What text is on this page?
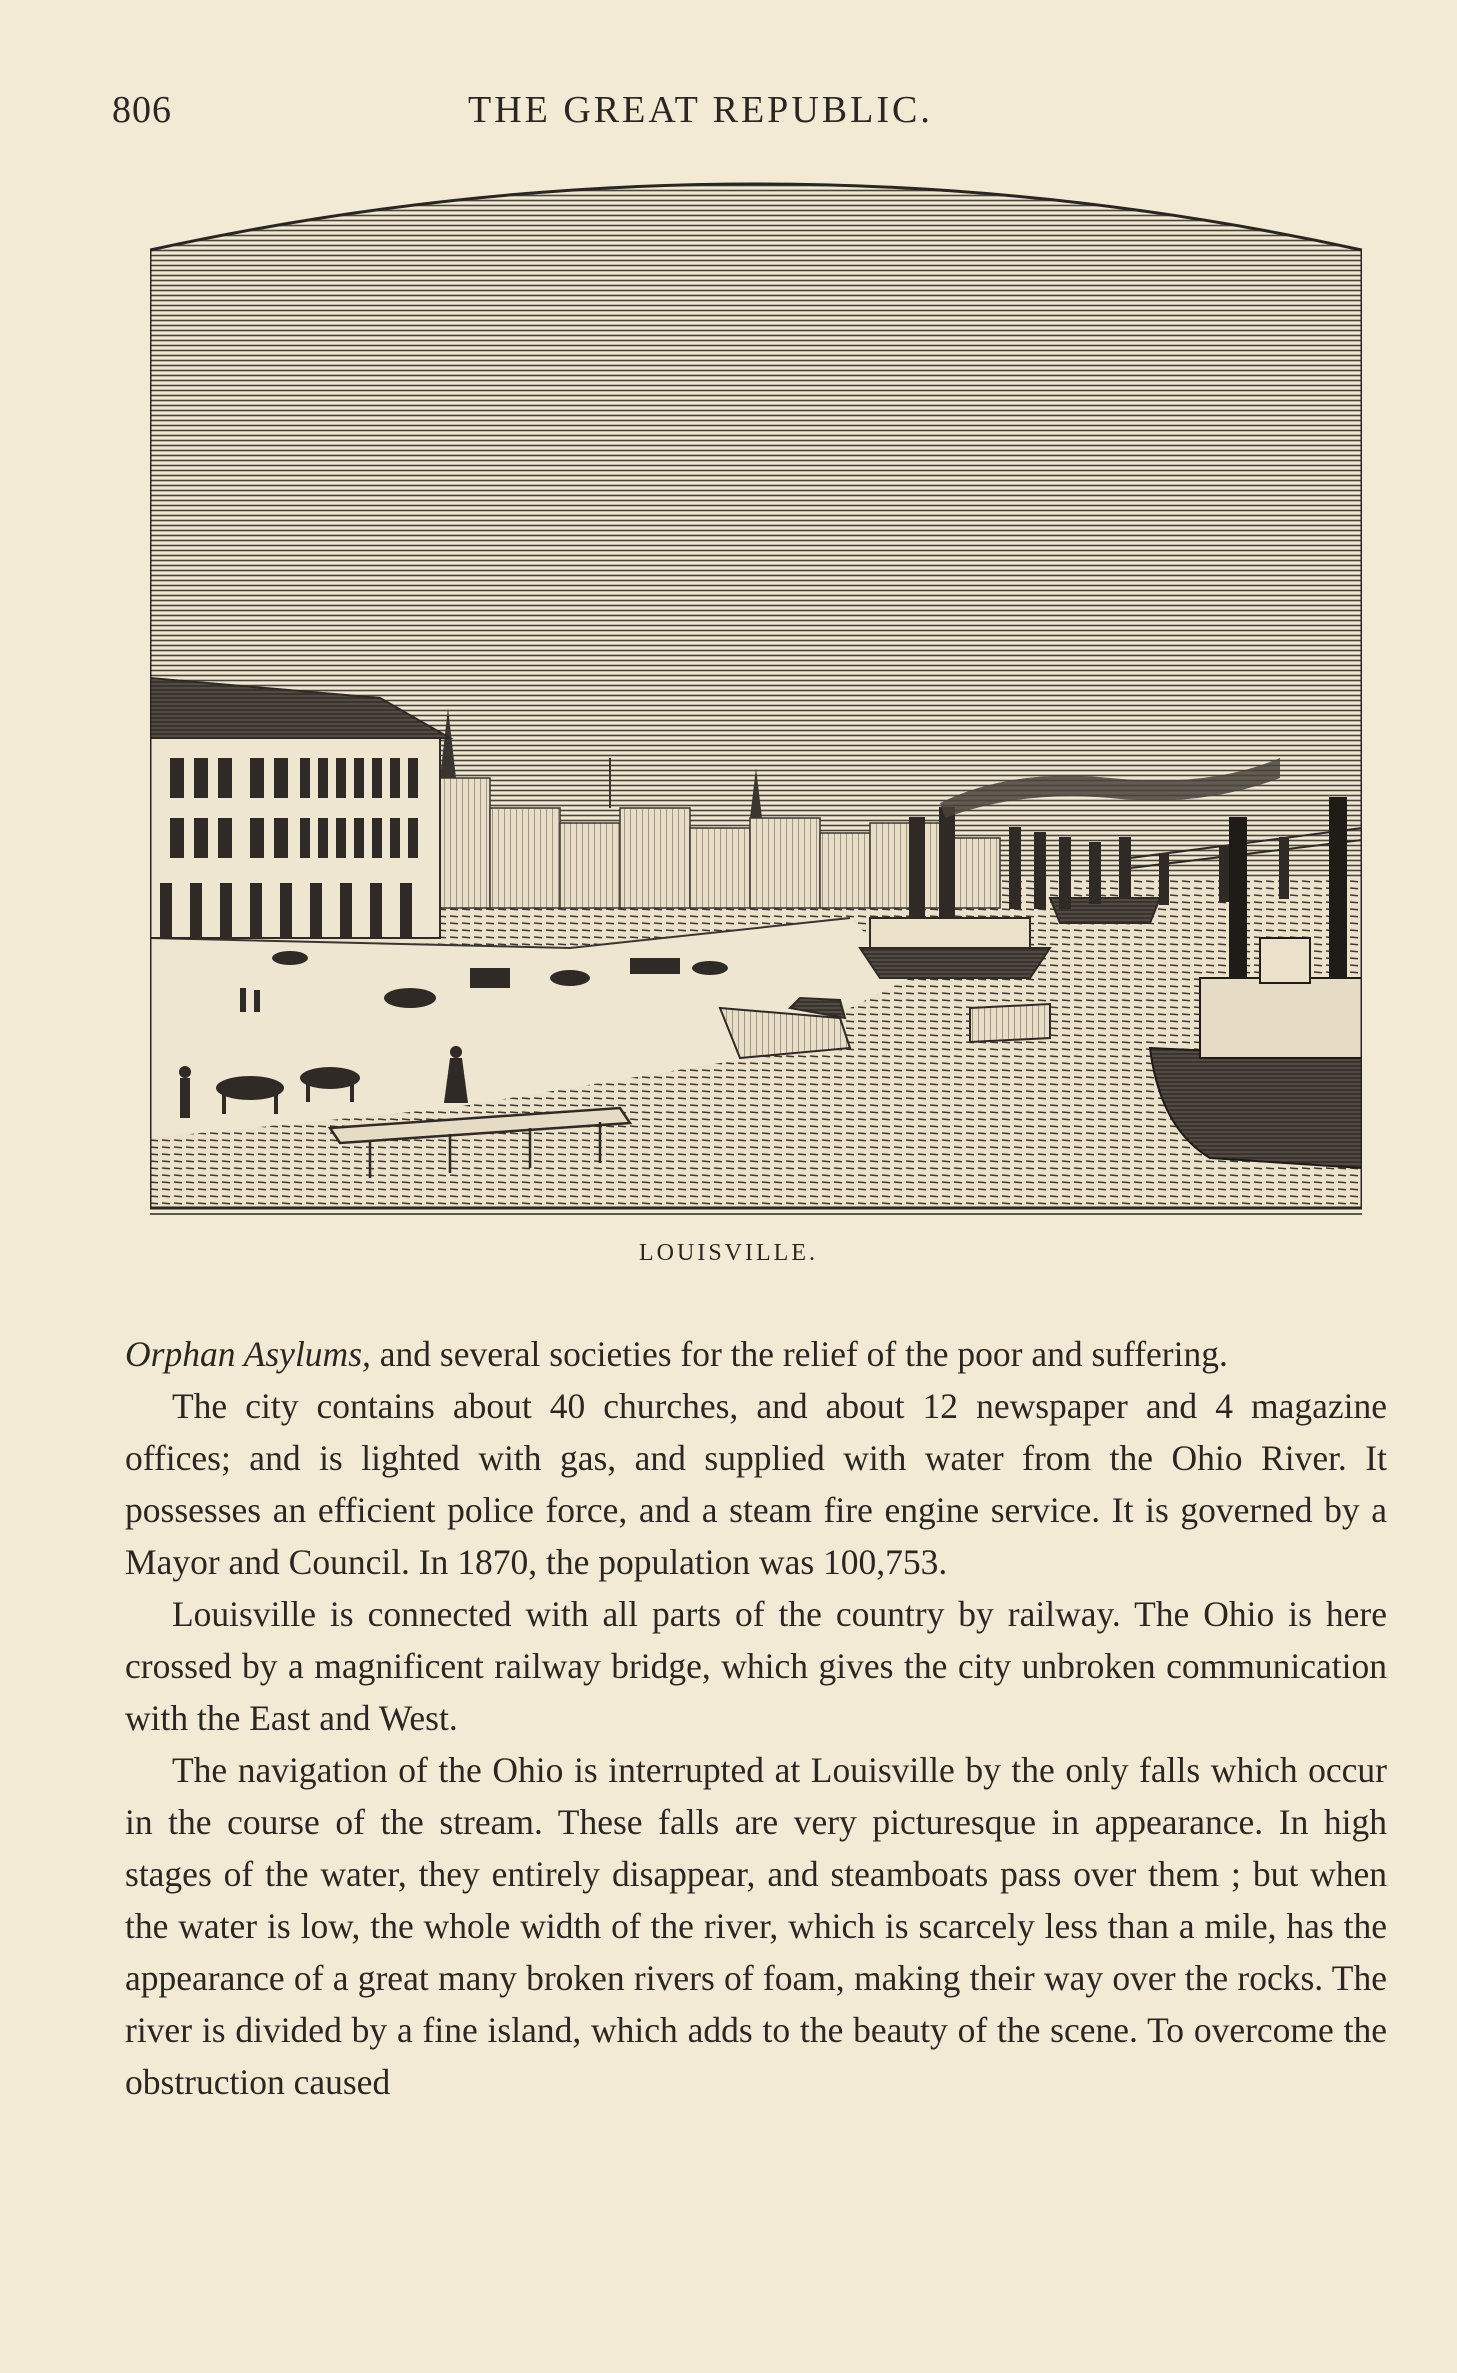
806	THE GREAT REPUBLIC.
LOUISVILLE.

Orphan Asylums, and several societies for the relief of the poor and suffering.

The city contains about 40 churches, and about 12 newspaper and 4 magazine offices; and is lighted with gas, and supplied with water from the Ohio River. It possesses an efficient police force, and a steam fire engine service. It is governed by a Mayor and Council. In 1870, the population was 100,753.

Louisville is connected with all parts of the country by railway. The Ohio is here crossed by a magnificent railway bridge, which gives the city unbroken communication with the East and West.

The navigation of the Ohio is interrupted at Louisville by the only falls which occur in the course of the stream. These falls are very picturesque in appearance. In high stages of the water, they entirely disappear, and steamboats pass over them ; but when the water is low, the whole width of the river, which is scarcely less than a mile, has the appearance of a great many broken rivers of foam, making their way over the rocks. The river is divided by a fine island, which adds to the beauty of the scene. To overcome the obstruction caused
